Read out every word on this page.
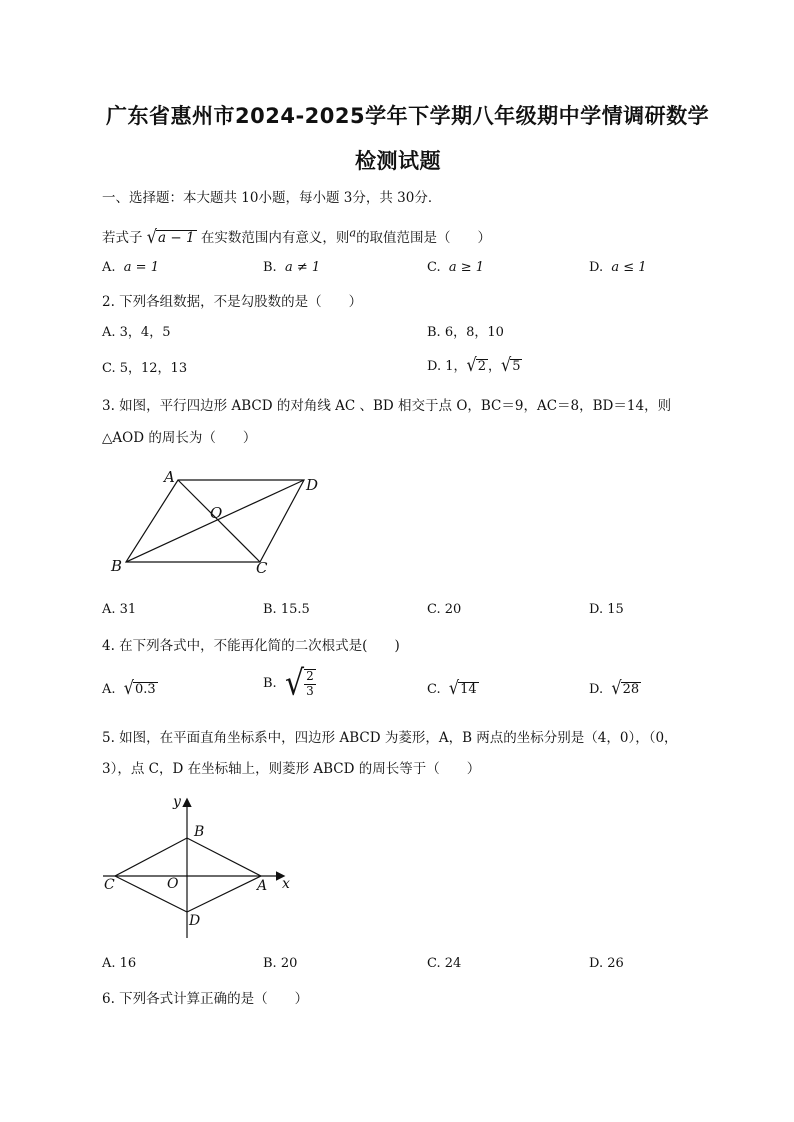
广东省惠州市2024-2025学年下学期八年级期中学情调研数学
检测试题
一、选择题：本大题共 10小题，每小题 3分，共 30分．
若式子 √a − 1 在实数范围内有意义，则$^a$的取值范围是（　　）
A. a = 1	B. a ≠ 1	C. a ≥ 1	D. a ≤ 1
2. 下列各组数据，不是勾股数的是（　　）
A. 3，4，5	B. 6，8，10
C. 5，12，13	D. 1，√2 ，√5
3. 如图，平行四边形 ABCD 的对角线 AC 、BD 相交于点 O，BC＝9，AC＝8，BD＝14，则
△AOD 的周长为（　　）
A	D
O
B	C
A. 31	B. 15.5	C. 20	D. 15
4. 在下列各式中，不能再化简的二次根式是(　　)
A. √0.3	B. √ $\frac{2}{3}$	C. √14	D. √28
5. 如图，在平面直角坐标系中，四边形 ABCD 为菱形，A，B 两点的坐标分别是（4，0），（0，
3），点 C，D 在坐标轴上，则菱形 ABCD 的周长等于（　　）
y
x
B
C	O	A
D
A. 16	B. 20	C. 24	D. 26
6. 下列各式计算正确的是（　　）
